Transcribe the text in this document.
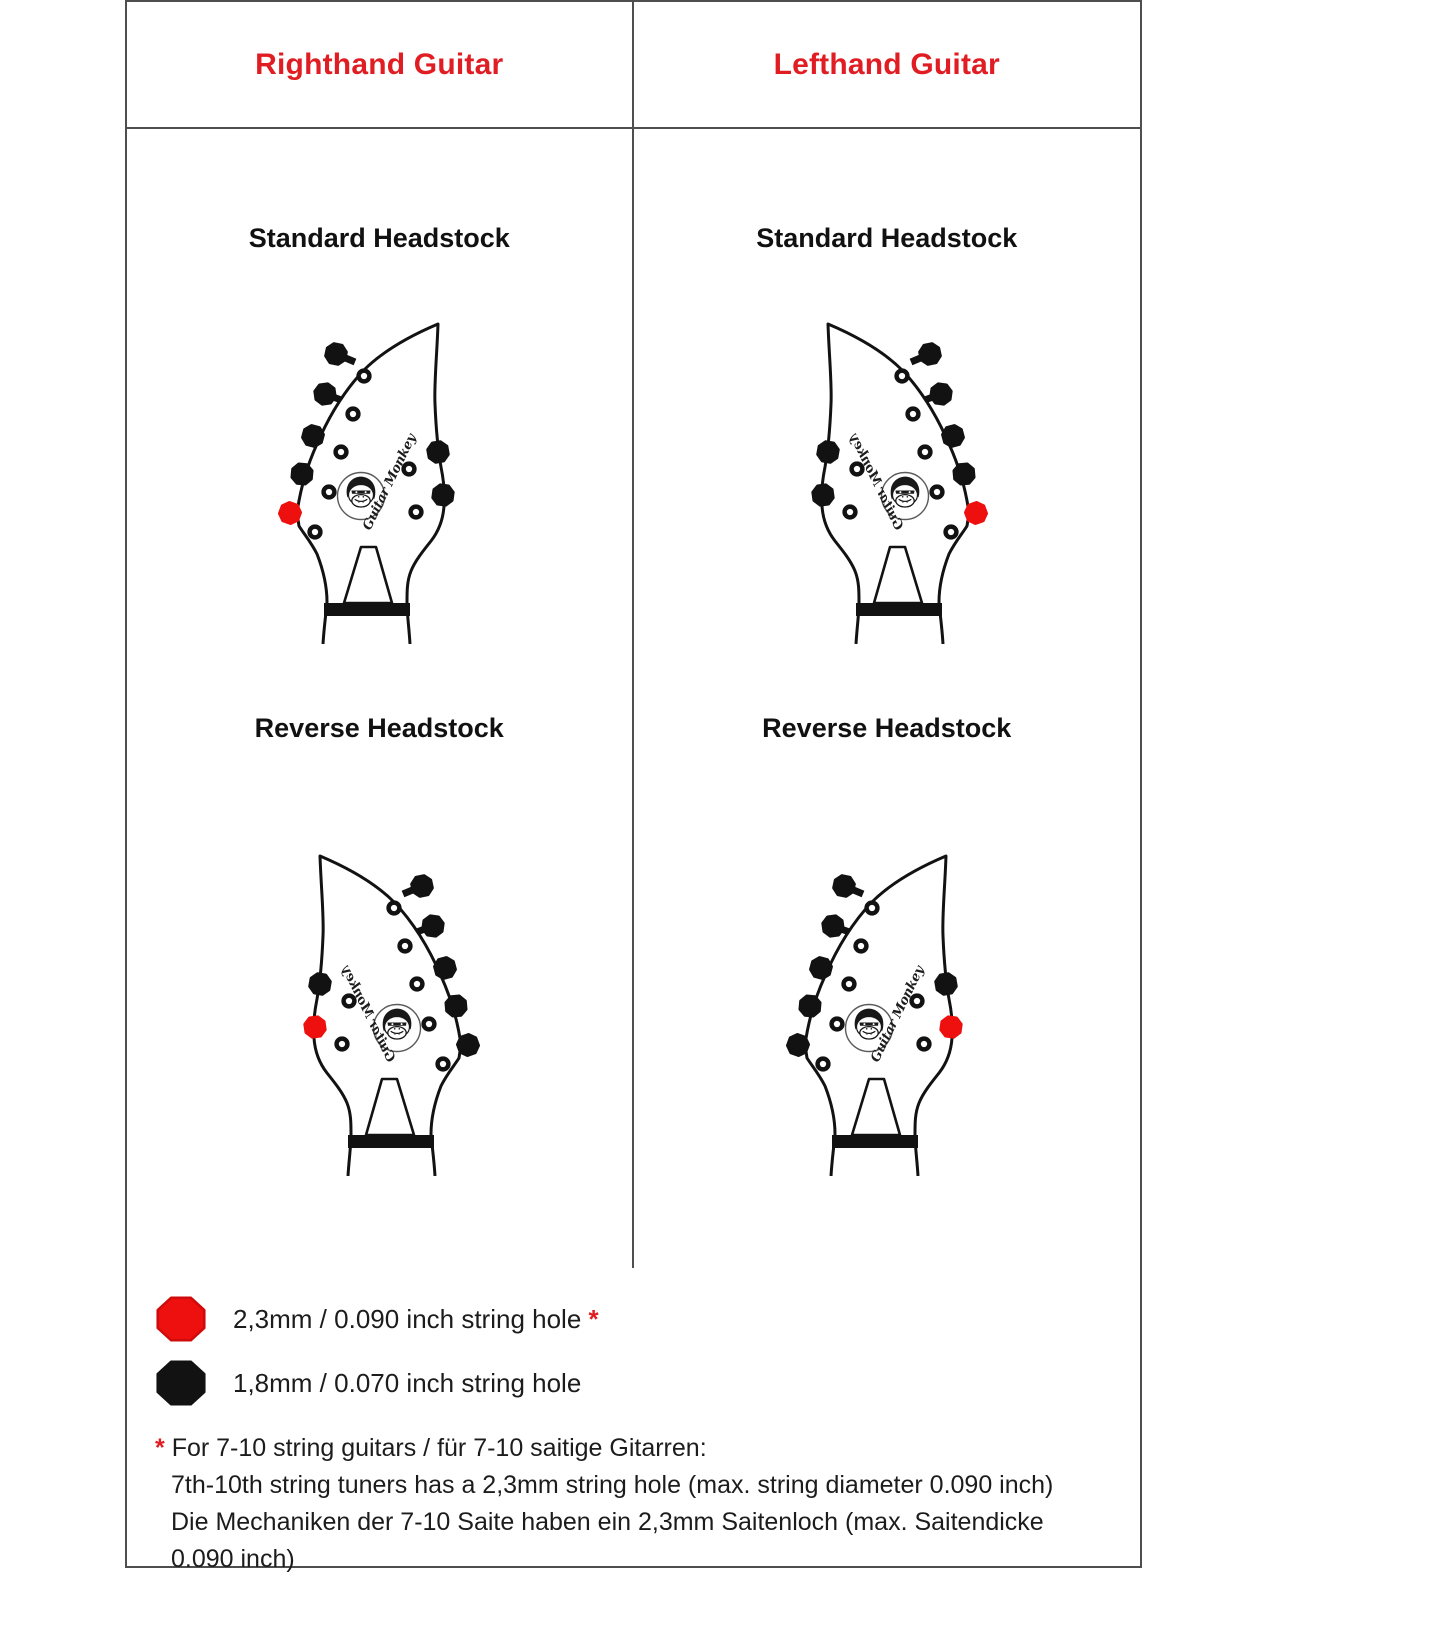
Righthand Guitar	Lefthand Guitar
Standard Headstock
Reverse Headstock
Standard Headstock
Reverse Headstock
2,3mm / 0.090 inch string hole *
1,8mm / 0.070 inch string hole
* For 7-10 string guitars / für 7-10 saitige Gitarren:
7th-10th string tuners has a 2,3mm string hole (max. string diameter 0.090 inch)
Die Mechaniken der 7-10 Saite haben ein 2,3mm Saitenloch (max. Saitendicke 0.090 inch)
